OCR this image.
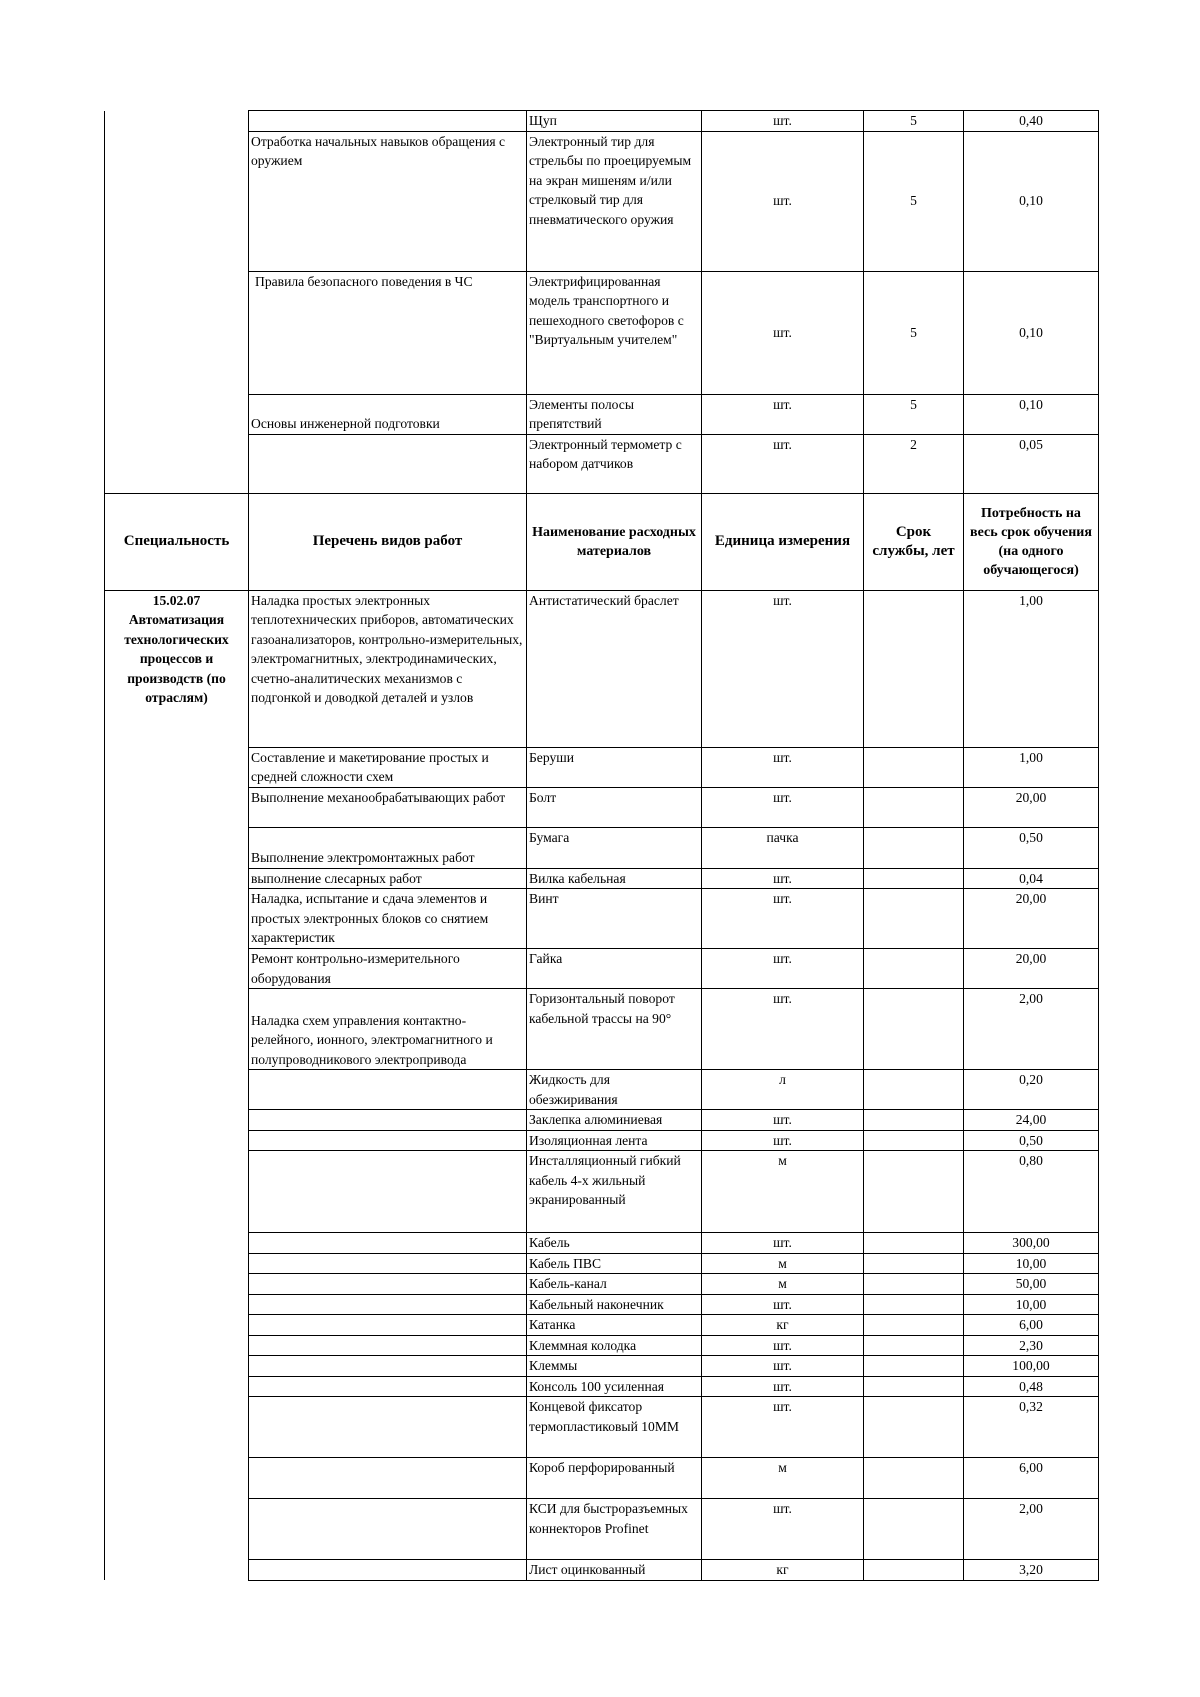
		Щуп	шт.	5	0,40
	Отработка начальных навыков обращения с оружием	Электронный тир для стрельбы по проецируемым на экран мишеням и/или стрелковый тир для пневматического оружия	шт.	5	0,10
	Правила безопасного поведения в ЧС	Электрифицированная модель транспортного и пешеходного светофоров с "Виртуальным учителем"	шт.	5	0,10
	Основы инженерной подготовки	Элементы полосы препятствий	шт.	5	0,10
		Электронный термометр с набором датчиков	шт.	2	0,05
Специальность	Перечень видов работ	Наименование расходных материалов	Единица измерения	Срок службы, лет	Потребность на весь срок обучения (на одного обучающегося)

15.02.07 Автоматизация технологических процессов и производств (по отраслям)	Наладка простых электронных теплотехнических приборов, автоматических газоанализаторов, контрольно-измерительных, электромагнитных, электродинамических, счетно-аналитических механизмов с подгонкой и доводкой деталей и узлов	Антистатический браслет	шт.		1,00
	Составление и макетирование простых и средней сложности схем	Беруши	шт.		1,00
	Выполнение механообрабатывающих работ	Болт	шт.		20,00
	Выполнение электромонтажных работ	Бумага	пачка		0,50
	выполнение слесарных работ	Вилка кабельная	шт.		0,04
	Наладка, испытание и сдача элементов и простых электронных блоков со снятием характеристик	Винт	шт.		20,00
	Ремонт контрольно-измерительного оборудования	Гайка	шт.		20,00
	Наладка схем управления контактно-релейного, ионного, электромагнитного и полупроводникового электропривода	Горизонтальный поворот кабельной трассы на 90°	шт.		2,00
		Жидкость для обезжиривания	л		0,20
		Заклепка алюминиевая	шт.		24,00
		Изоляционная лента	шт.		0,50
		Инсталляционный гибкий кабель 4-х жильный экранированный	м		0,80
		Кабель	шт.		300,00
		Кабель ПВС	м		10,00
		Кабель-канал	м		50,00
		Кабельный наконечник	шт.		10,00
		Катанка	кг		6,00
		Клеммная колодка	шт.		2,30
		Клеммы	шт.		100,00
		Консоль 100 усиленная	шт.		0,48
		Концевой фиксатор термопластиковый 10ММ	шт.		0,32
		Короб перфорированный	м		6,00
		КСИ для быстроразъемных коннекторов Profinet	шт.		2,00
		Лист оцинкованный	кг		3,20
